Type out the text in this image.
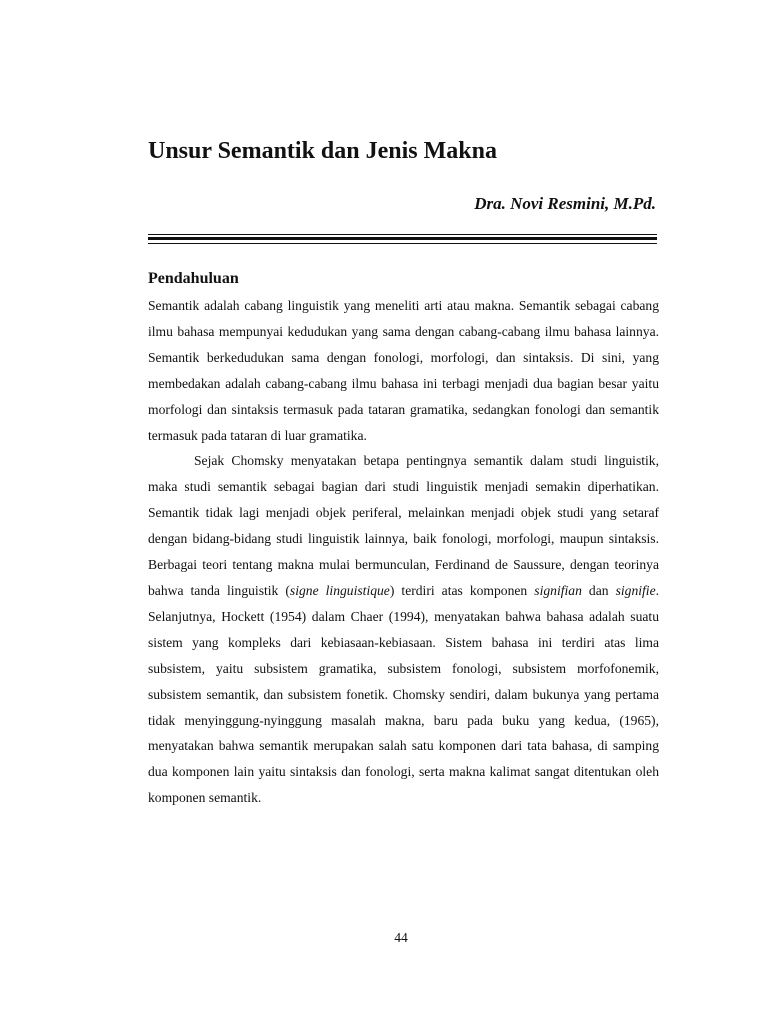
Unsur Semantik dan Jenis Makna
Dra. Novi Resmini, M.Pd.
Pendahuluan

Semantik adalah cabang linguistik yang meneliti arti atau makna. Semantik sebagai cabang ilmu bahasa mempunyai kedudukan yang sama dengan cabang-cabang ilmu bahasa lainnya. Semantik berkedudukan sama dengan fonologi, morfologi, dan sintaksis. Di sini, yang membedakan adalah cabang-cabang ilmu bahasa ini terbagi menjadi dua bagian besar yaitu morfologi dan sintaksis termasuk pada tataran gramatika, sedangkan fonologi dan semantik termasuk pada tataran di luar gramatika.

Sejak Chomsky menyatakan betapa pentingnya semantik dalam studi linguistik, maka studi semantik sebagai bagian dari studi linguistik menjadi semakin diperhatikan. Semantik tidak lagi menjadi objek periferal, melainkan menjadi objek studi yang setaraf dengan bidang-bidang studi linguistik lainnya, baik fonologi, morfologi, maupun sintaksis. Berbagai teori tentang makna mulai bermunculan, Ferdinand de Saussure, dengan teorinya bahwa tanda linguistik (signe linguistique) terdiri atas komponen signifian dan signifie. Selanjutnya, Hockett (1954) dalam Chaer (1994), menyatakan bahwa bahasa adalah suatu sistem yang kompleks dari kebiasaan-kebiasaan. Sistem bahasa ini terdiri atas lima subsistem, yaitu subsistem gramatika, subsistem fonologi, subsistem morfofonemik, subsistem semantik, dan subsistem fonetik. Chomsky sendiri, dalam bukunya yang pertama tidak menyinggung-nyinggung masalah makna, baru pada buku yang kedua, (1965), menyatakan bahwa semantik merupakan salah satu komponen dari tata bahasa, di samping dua komponen lain yaitu sintaksis dan fonologi, serta makna kalimat sangat ditentukan oleh komponen semantik.

44
